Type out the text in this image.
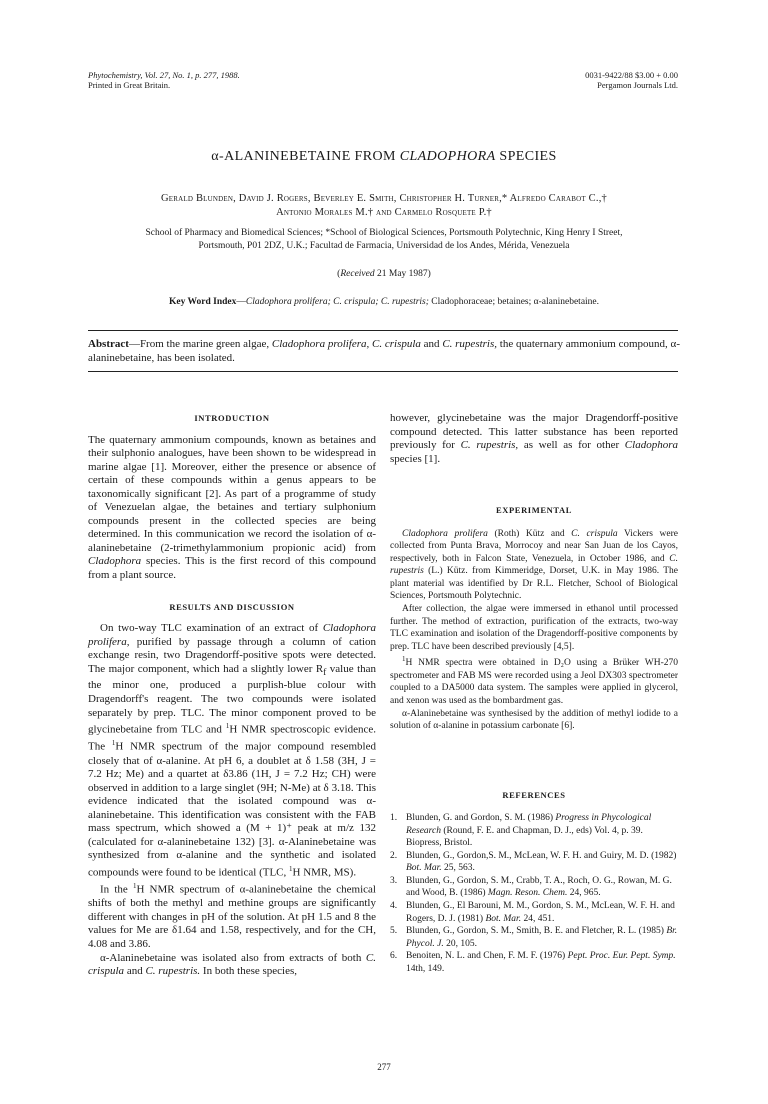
Phytochemistry, Vol. 27, No. 1, p. 277, 1988.
Printed in Great Britain.
0031-9422/88 $3.00 + 0.00
Pergamon Journals Ltd.
α-ALANINEBETAINE FROM CLADOPHORA SPECIES
Gerald Blunden, David J. Rogers, Beverley E. Smith, Christopher H. Turner,* Alfredo Carabot C.,†
Antonio Morales M.† and Carmelo Rosquete P.†
School of Pharmacy and Biomedical Sciences; *School of Biological Sciences, Portsmouth Polytechnic, King Henry I Street,
Portsmouth, P01 2DZ, U.K.; Facultad de Farmacia, Universidad de los Andes, Mérida, Venezuela
(Received 21 May 1987)
Key Word Index—Cladophora prolifera; C. crispula; C. rupestris; Cladophoraceae; betaines; α-alaninebetaine.
Abstract—From the marine green algae, Cladophora prolifera, C. crispula and C. rupestris, the quaternary ammonium compound, α-alaninebetaine, has been isolated.
INTRODUCTION

The quaternary ammonium compounds, known as betaines and their sulphonio analogues, have been shown to be widespread in marine algae [1]. Moreover, either the presence or absence of certain of these compounds within a genus appears to be taxonomically significant [2]. As part of a programme of study of Venezuelan algae, the betaines and tertiary sulphonium compounds present in the collected species are being determined. In this communication we record the isolation of α-alaninebetaine (2-trimethylammonium propionic acid) from Cladophora species. This is the first record of this compound from a plant source.

RESULTS AND DISCUSSION

On two-way TLC examination of an extract of Cladophora prolifera, purified by passage through a column of cation exchange resin, two Dragendorff-positive spots were detected. The major component, which had a slightly lower $R_f$ value than the minor one, produced a purplish-blue colour with Dragendorff's reagent. The two compounds were isolated separately by prep. TLC. The minor component proved to be glycinebetaine from TLC and $^1$H NMR spectroscopic evidence. The $^1$H NMR spectrum of the major compound resembled closely that of α-alanine. At pH 6, a doublet at δ 1.58 (3H, J = 7.2 Hz; Me) and a quartet at δ3.86 (1H, J = 7.2 Hz; CH) were observed in addition to a large singlet (9H; N-Me) at δ 3.18. This evidence indicated that the isolated compound was α-alaninebetaine. This identification was consistent with the FAB mass spectrum, which showed a (M + 1)⁺ peak at m/z 132 (calculated for α-alaninebetaine 132) [3]. α-Alaninebetaine was synthesized from α-alanine and the synthetic and isolated compounds were found to be identical (TLC, $^1$H NMR, MS).

In the $^1$H NMR spectrum of α-alaninebetaine the chemical shifts of both the methyl and methine groups are significantly different with changes in pH of the solution. At pH 1.5 and 8 the values for Me are δ1.64 and 1.58, respectively, and for the CH, 4.08 and 3.86.

α-Alaninebetaine was isolated also from extracts of both C. crispula and C. rupestris. In both these species,

however, glycinebetaine was the major Dragendorff-positive compound detected. This latter substance has been reported previously for C. rupestris, as well as for other Cladophora species [1].

EXPERIMENTAL

Cladophora prolifera (Roth) Kütz and C. crispula Vickers were collected from Punta Brava, Morrocoy and near San Juan de los Cayos, respectively, both in Falcon State, Venezuela, in October 1986, and C. rupestris (L.) Kütz. from Kimmeridge, Dorset, U.K. in May 1986. The plant material was identified by Dr R.L. Fletcher, School of Biological Sciences, Portsmouth Polytechnic.

After collection, the algae were immersed in ethanol until processed further. The method of extraction, purification of the extracts, two-way TLC examination and isolation of the Dragendorff-positive components by prep. TLC have been described previously [4,5].

$^1$H NMR spectra were obtained in D₂O using a Brüker WH-270 spectrometer and FAB MS were recorded using a Jeol DX303 spectrometer coupled to a DA5000 data system. The samples were applied in glycerol, and xenon was used as the bombardment gas.

α-Alaninebetaine was synthesised by the addition of methyl iodide to a solution of α-alanine in potassium carbonate [6].

REFERENCES
1. Blunden, G. and Gordon, S. M. (1986) Progress in Phycological Research (Round, F. E. and Chapman, D. J., eds) Vol. 4, p. 39. Biopress, Bristol.
2. Blunden, G., Gordon,S. M., McLean, W. F. H. and Guiry, M. D. (1982) Bot. Mar. 25, 563.
3. Blunden, G., Gordon, S. M., Crabb, T. A., Roch, O. G., Rowan, M. G. and Wood, B. (1986) Magn. Reson. Chem. 24, 965.
4. Blunden, G., El Barouni, M. M., Gordon, S. M., McLean, W. F. H. and Rogers, D. J. (1981) Bot. Mar. 24, 451.
5. Blunden, G., Gordon, S. M., Smith, B. E. and Fletcher, R. L. (1985) Br. Phycol. J. 20, 105.
6. Benoiten, N. L. and Chen, F. M. F. (1976) Pept. Proc. Eur. Pept. Symp. 14th, 149.
277
